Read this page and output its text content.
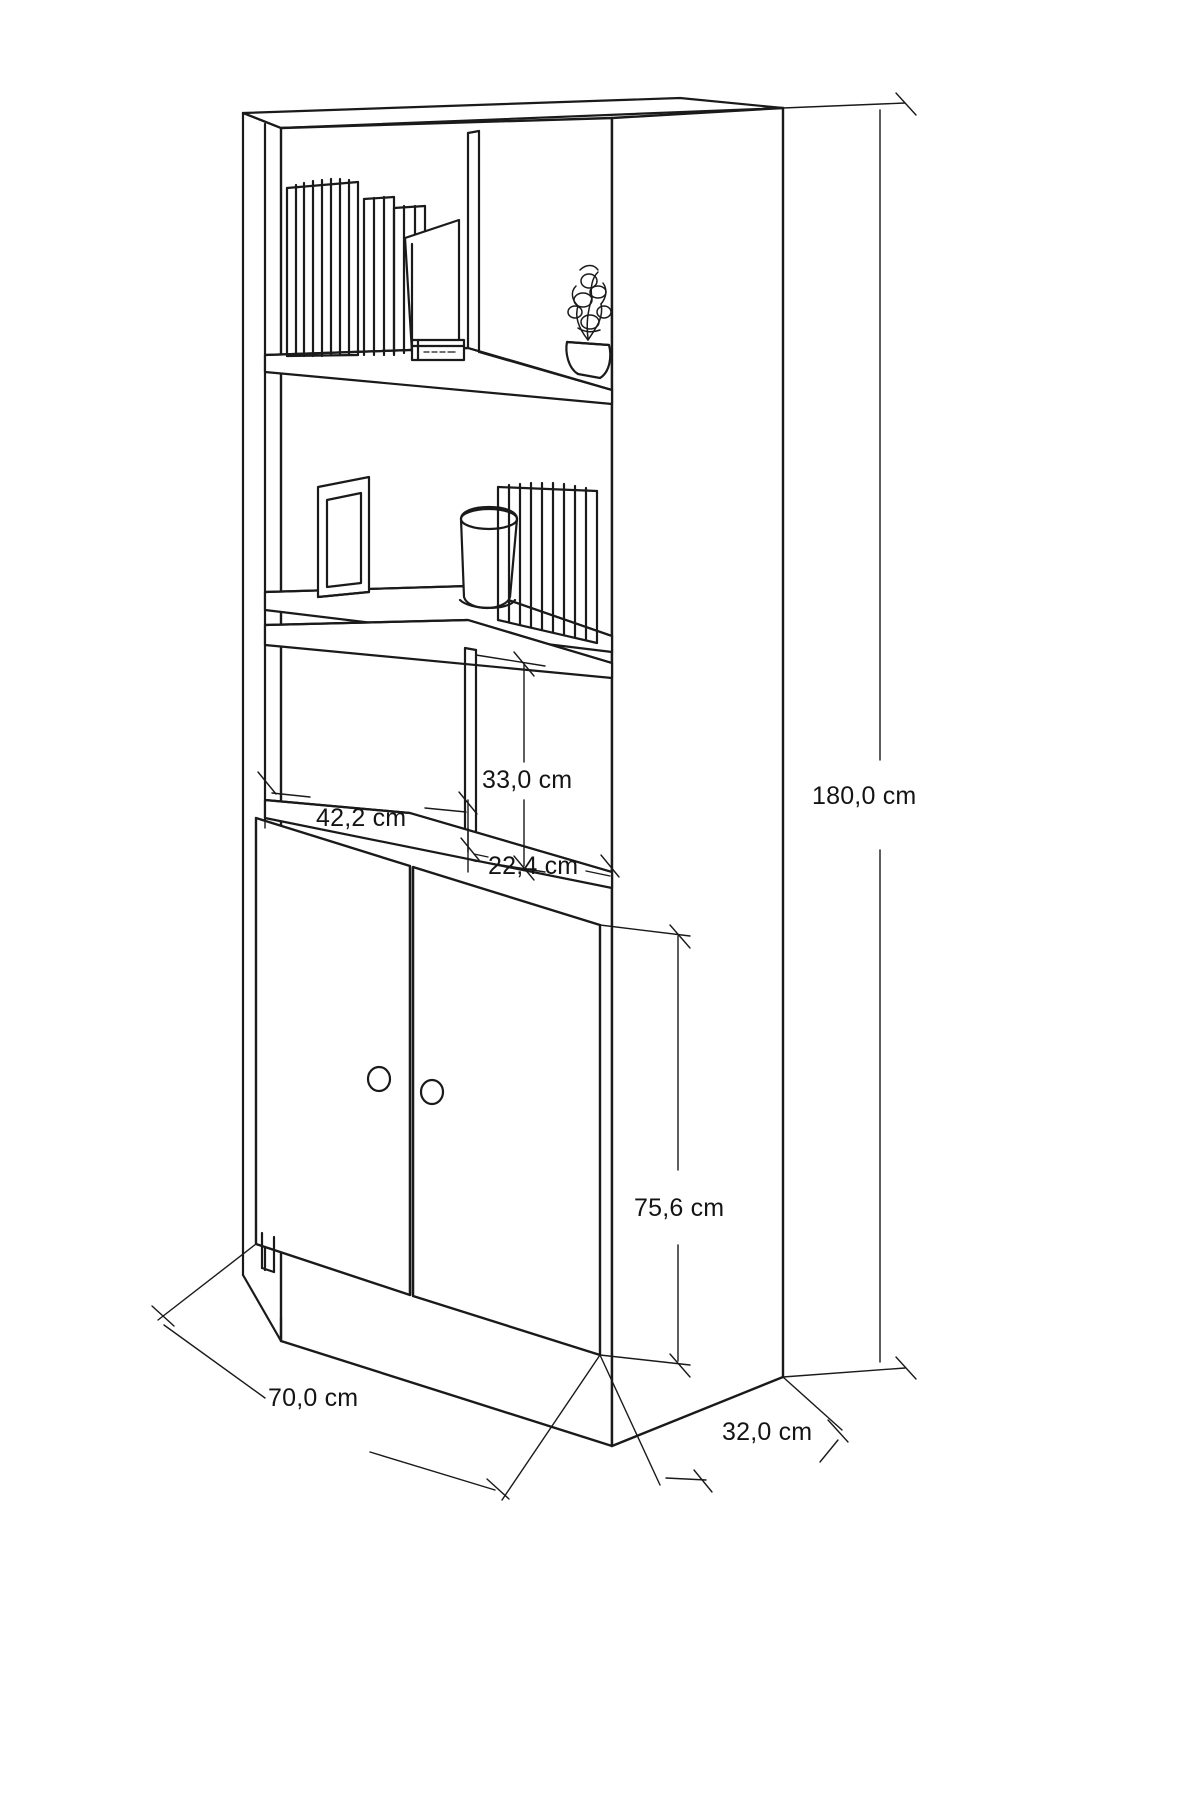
180,0 cm
33,0 cm
42,2 cm
22,4 cm
75,6 cm
70,0 cm
32,0 cm
